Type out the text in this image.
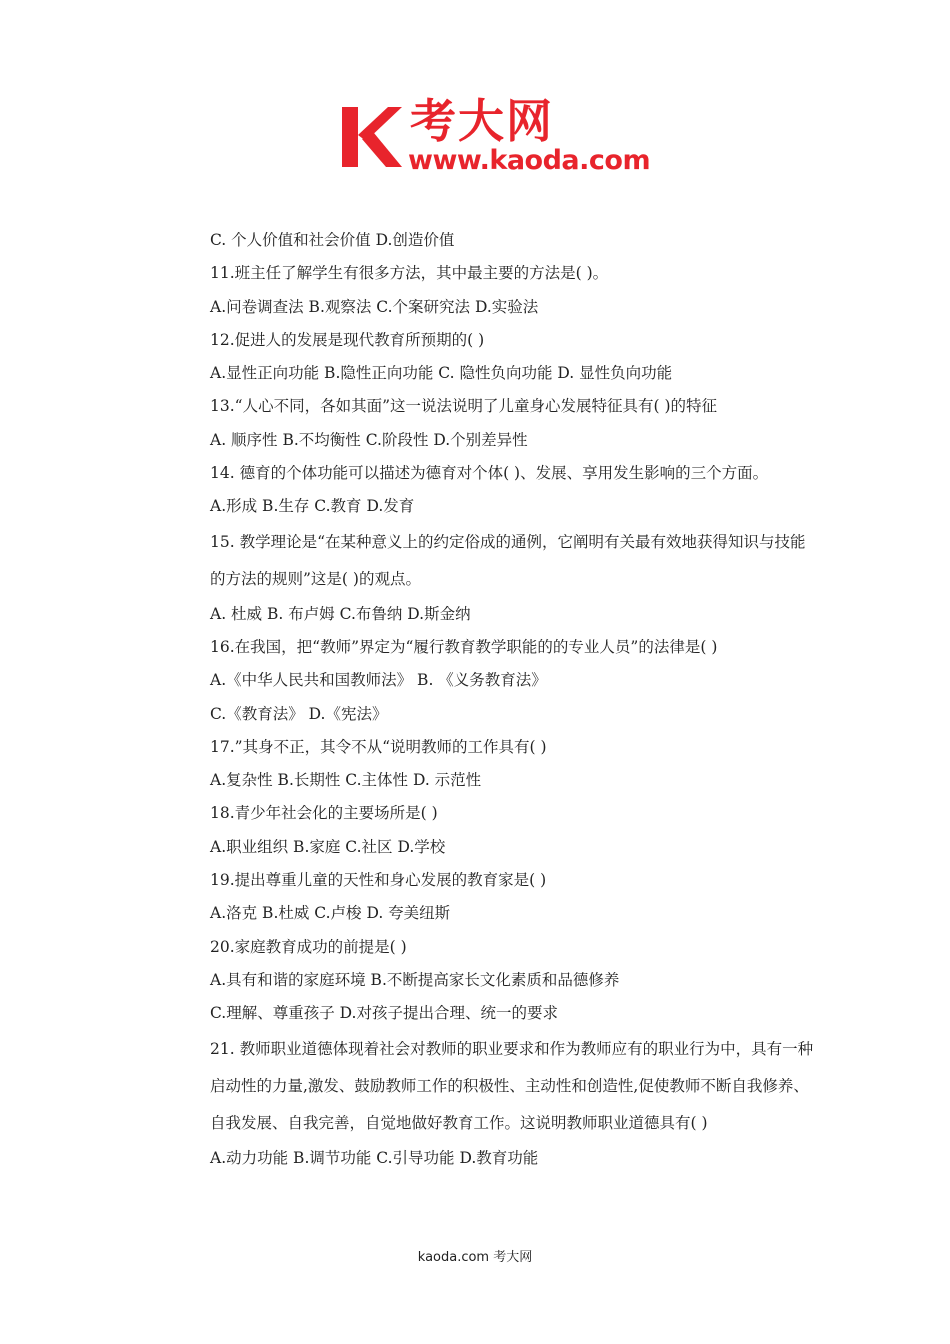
考大网
www.kaoda.com
C. 个人价值和社会价值 D.创造价值
11.班主任了解学生有很多方法，其中最主要的方法是( )。
A.问卷调查法 B.观察法 C.个案研究法 D.实验法
12.促进人的发展是现代教育所预期的( )
A.显性正向功能 B.隐性正向功能 C. 隐性负向功能 D. 显性负向功能
13.“人心不同，各如其面”这一说法说明了儿童身心发展特征具有( )的特征
A. 顺序性 B.不均衡性 C.阶段性 D.个别差异性
14. 德育的个体功能可以描述为德育对个体( )、发展、享用发生影响的三个方面。
A.形成 B.生存 C.教育 D.发育
15. 教学理论是“在某种意义上的约定俗成的通例，它阐明有关最有效地获得知识与技能的方法的规则”这是( )的观点。
A. 杜威 B. 布卢姆 C.布鲁纳 D.斯金纳
16.在我国，把“教师”界定为“履行教育教学职能的的专业人员”的法律是( )
A.《中华人民共和国教师法》 B. 《义务教育法》
C.《教育法》 D.《宪法》
17.”其身不正，其令不从“说明教师的工作具有( )
A.复杂性 B.长期性 C.主体性 D. 示范性
18.青少年社会化的主要场所是( )
A.职业组织 B.家庭 C.社区 D.学校
19.提出尊重儿童的天性和身心发展的教育家是( )
A.洛克 B.杜威 C.卢梭 D. 夸美纽斯
20.家庭教育成功的前提是( )
A.具有和谐的家庭环境 B.不断提高家长文化素质和品德修养
C.理解、尊重孩子 D.对孩子提出合理、统一的要求
21. 教师职业道德体现着社会对教师的职业要求和作为教师应有的职业行为中，具有一种启动性的力量,激发、鼓励教师工作的积极性、主动性和创造性,促使教师不断自我修养、自我发展、自我完善，自觉地做好教育工作。这说明教师职业道德具有( )
A.动力功能 B.调节功能 C.引导功能 D.教育功能
kaoda.com 考大网
